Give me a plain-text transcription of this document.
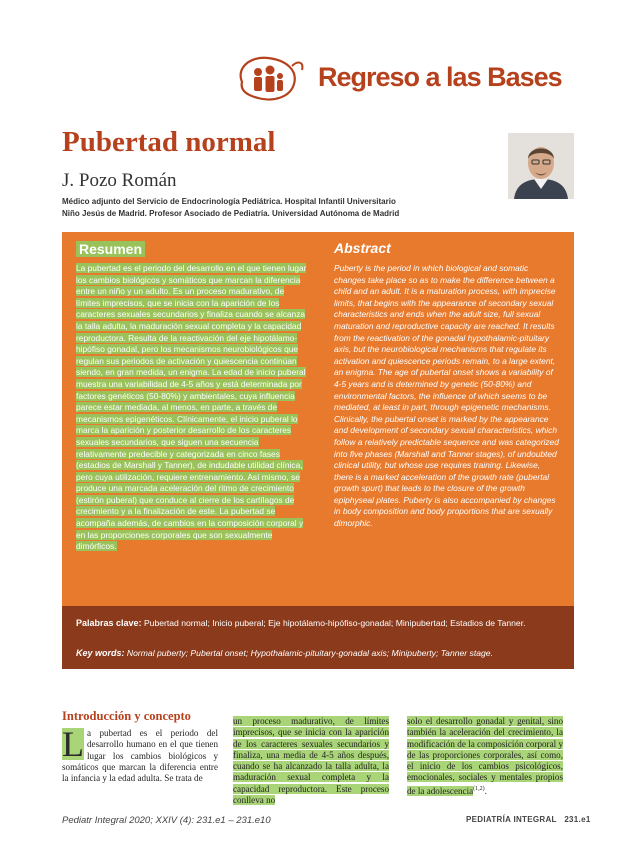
Regreso a las Bases
Pubertad normal
J. Pozo Román
Médico adjunto del Servicio de Endocrinología Pediátrica. Hospital Infantil Universitario Niño Jesús de Madrid. Profesor Asociado de Pediatría. Universidad Autónoma de Madrid
Resumen
La pubertad es el periodo del desarrollo en el que tienen lugar los cambios biológicos y somáticos que marcan la diferencia entre un niño y un adulto. Es un proceso madurativo, de límites imprecisos, que se inicia con la aparición de los caracteres sexuales secundarios y finaliza cuando se alcanza la talla adulta, la maduración sexual completa y la capacidad reproductora. Resulta de la reactivación del eje hipotálamo-hipófiso gonadal, pero los mecanismos neurobiológicos que regulan sus periodos de activación y quiescencia continúan siendo, en gran medida, un enigma. La edad de inicio puberal muestra una variabilidad de 4-5 años y está determinada por factores genéticos (50-80%) y ambientales, cuya influencia parece estar mediada, al menos, en parte, a través de mecanismos epigenéticos. Clínicamente, el inicio puberal lo marca la aparición y posterior desarrollo de los caracteres sexuales secundarios, que siguen una secuencia relativamente predecible y categorizada en cinco fases (estadios de Marshall y Tanner), de indudable utilidad clínica, pero cuya utilización, requiere entrenamiento. Así mismo, se produce una marcada aceleración del ritmo de crecimiento (estirón puberal) que conduce al cierre de los cartílagos de crecimiento y a la finalización de este. La pubertad se acompaña además, de cambios en la composición corporal y en las proporciones corporales que son sexualmente dimórficos.
Abstract
Puberty is the period in which biological and somatic changes take place so as to make the difference between a child and an adult. It is a maturation process, with imprecise limits, that begins with the appearance of secondary sexual characteristics and ends when the adult size, full sexual maturation and reproductive capacity are reached. It results from the reactivation of the gonadal hypothalamic-pituitary axis, but the neurobiological mechanisms that regulate its activation and quiescence periods remain, to a large extent, an enigma. The age of pubertal onset shows a variability of 4-5 years and is determined by genetic (50-80%) and environmental factors, the influence of which seems to be mediated, at least in part, through epigenetic mechanisms. Clinically, the pubertal onset is marked by the appearance and development of secondary sexual characteristics, which follow a relatively predictable sequence and was categorized into five phases (Marshall and Tanner stages), of undoubted clinical utility, but whose use requires training. Likewise, there is a marked acceleration of the growth rate (pubertal growth spurt) that leads to the closure of the growth epiphyseal plates. Puberty is also accompanied by changes in body composition and body proportions that are sexually dimorphic.
Palabras clave: Pubertad normal; Inicio puberal; Eje hipotálamo-hipófiso-gonadal; Minipubertad; Estadios de Tanner.
Key words: Normal puberty; Pubertal onset; Hypothalamic-pituitary-gonadal axis; Minipuberty; Tanner stage.
Introducción y concepto
L a pubertad es el periodo del desarrollo humano en el que tienen lugar los cambios biológicos y somáticos que marcan la diferencia entre la infancia y la edad adulta. Se trata de
un proceso madurativo, de límites imprecisos, que se inicia con la aparición de los caracteres sexuales secundarios y finaliza, una media de 4-5 años después, cuando se ha alcanzado la talla adulta, la maduración sexual completa y la capacidad reproductora. Este proceso conlleva no
solo el desarrollo gonadal y genital, sino también la aceleración del crecimiento, la modificación de la composición corporal y de las proporciones corporales, así como, el inicio de los cambios psicológicos, emocionales, sociales y mentales propios de la adolescencia$^{(1,2)}$.
Pediatr Integral 2020; XXIV (4): 231.e1 – 231.e10	PEDIATRÍA INTEGRAL 231.e1
